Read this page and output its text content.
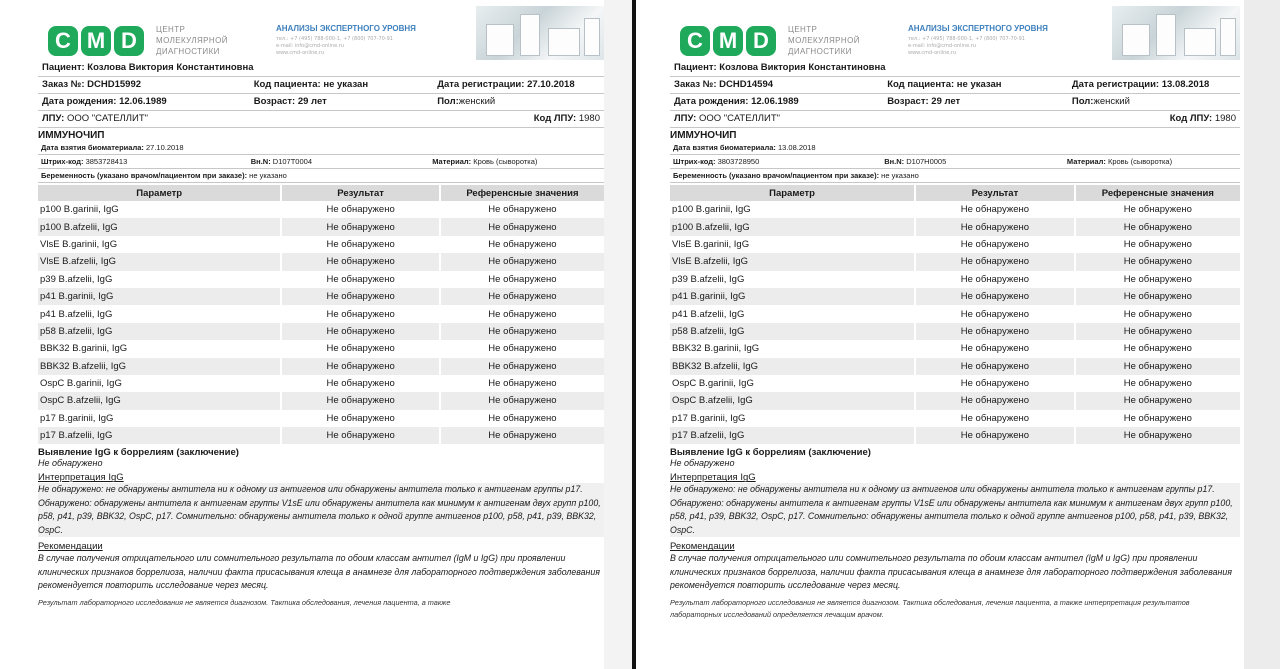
C M D	ЦЕНТР
МОЛЕКУЛЯРНОЙ
ДИАГНОСТИКИ
АНАЛИЗЫ ЭКСПЕРТНОГО УРОВНЯ
тел.: +7 (495) 788-000-1, +7 (800) 707-70-91
e-mail: info@cmd-online.ru
www.cmd-online.ru
Пациент: Козлова Виктория Константиновна
Заказ №: DCHD15992	Код пациента: не указан	Дата регистрации: 27.10.2018
Дата рождения: 12.06.1989	Возраст: 29 лет	Пол:женский
ЛПУ: ООО "САТЕЛЛИТ"	Код ЛПУ: 1980
ИММУНОЧИП
Дата взятия биоматериала: 27.10.2018
Штрих-код: 3853728413	Вн.N: D107T0004	Материал: Кровь (сыворотка)
Беременность (указано врачом/пациентом при заказе): не указано
Параметр	Результат	Референсные значения
p100 B.garinii, IgG	Не обнаружено	Не обнаружено
p100 B.afzelii, IgG	Не обнаружено	Не обнаружено
VlsE B.garinii, IgG	Не обнаружено	Не обнаружено
VlsE B.afzelii, IgG	Не обнаружено	Не обнаружено
p39 B.afzelii, IgG	Не обнаружено	Не обнаружено
p41 B.garinii, IgG	Не обнаружено	Не обнаружено
p41 B.afzelii, IgG	Не обнаружено	Не обнаружено
p58 B.afzelii, IgG	Не обнаружено	Не обнаружено
BBK32 B.garinii, IgG	Не обнаружено	Не обнаружено
BBK32 B.afzelii, IgG	Не обнаружено	Не обнаружено
OspC B.garinii, IgG	Не обнаружено	Не обнаружено
OspC B.afzelii, IgG	Не обнаружено	Не обнаружено
p17 B.garinii, IgG	Не обнаружено	Не обнаружено
p17 B.afzelii, IgG	Не обнаружено	Не обнаружено
Выявление IgG к боррелиям (заключение)
Не обнаружено
Интерпретация IgG
Не обнаружено: не обнаружены антитела ни к одному из антигенов или обнаружены антитела только к антигенам группы p17. Обнаружено: обнаружены антитела к антигенам группы V1sE или обнаружены антитела как минимум к антигенам двух групп p100, p58, p41, p39, BBK32, OspC, p17. Сомнительно: обнаружены антитела только к одной группе антигенов p100, p58, p41, p39, BBK32, OspC.
Рекомендации
В случае получения отрицательного или сомнительного результата по обоим классам антител (IgM и IgG) при проявлении клинических признаков боррелиоза, наличии факта присасывания клеща в анамнезе для лабораторного подтверждения заболевания рекомендуется повторить исследование через месяц.
Результат лабораторного исследования не является диагнозом. Тактика обследования, лечения пациента, а также
C M D	ЦЕНТР
МОЛЕКУЛЯРНОЙ
ДИАГНОСТИКИ
АНАЛИЗЫ ЭКСПЕРТНОГО УРОВНЯ
тел.: +7 (495) 788-000-1, +7 (800) 707-70-91
e-mail: info@cmd-online.ru
www.cmd-online.ru
Пациент: Козлова Виктория Константиновна
Заказ №: DCHD14594	Код пациента: не указан	Дата регистрации: 13.08.2018
Дата рождения: 12.06.1989	Возраст: 29 лет	Пол:женский
ЛПУ: ООО "САТЕЛЛИТ"	Код ЛПУ: 1980
ИММУНОЧИП
Дата взятия биоматериала: 13.08.2018
Штрих-код: 3803728950	Вн.N: D107H0005	Материал: Кровь (сыворотка)
Беременность (указано врачом/пациентом при заказе): не указано
Параметр	Результат	Референсные значения
p100 B.garinii, IgG	Не обнаружено	Не обнаружено
p100 B.afzelii, IgG	Не обнаружено	Не обнаружено
VlsE B.garinii, IgG	Не обнаружено	Не обнаружено
VlsE B.afzelii, IgG	Не обнаружено	Не обнаружено
p39 B.afzelii, IgG	Не обнаружено	Не обнаружено
p41 B.garinii, IgG	Не обнаружено	Не обнаружено
p41 B.afzelii, IgG	Не обнаружено	Не обнаружено
p58 B.afzelii, IgG	Не обнаружено	Не обнаружено
BBK32 B.garinii, IgG	Не обнаружено	Не обнаружено
BBK32 B.afzelii, IgG	Не обнаружено	Не обнаружено
OspC B.garinii, IgG	Не обнаружено	Не обнаружено
OspC B.afzelii, IgG	Не обнаружено	Не обнаружено
p17 B.garinii, IgG	Не обнаружено	Не обнаружено
p17 B.afzelii, IgG	Не обнаружено	Не обнаружено
Выявление IgG к боррелиям (заключение)
Не обнаружено
Интерпретация IgG
Не обнаружено: не обнаружены антитела ни к одному из антигенов или обнаружены антитела только к антигенам группы p17. Обнаружено: обнаружены антитела к антигенам группы V1sE или обнаружены антитела как минимум к антигенам двух групп p100, p58, p41, p39, BBK32, OspC, p17. Сомнительно: обнаружены антитела только к одной группе антигенов p100, p58, p41, p39, BBK32, OspC.
Рекомендации
В случае получения отрицательного или сомнительного результата по обоим классам антител (IgM и IgG) при проявлении клинических признаков боррелиоза, наличии факта присасывания клеща в анамнезе для лабораторного подтверждения заболевания рекомендуется повторить исследование через месяц.
Результат лабораторного исследования не является диагнозом. Тактика обследования, лечения пациента, а также интерпретация результатов лабораторных исследований определяется лечащим врачом.
